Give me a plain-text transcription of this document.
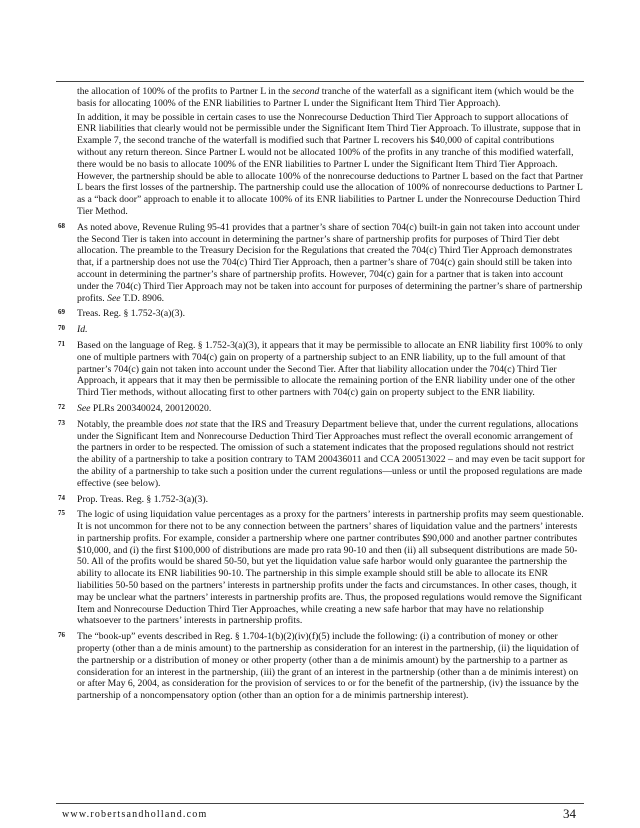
the allocation of 100% of the profits to Partner L in the second tranche of the waterfall as a significant item (which would be the basis for allocating 100% of the ENR liabilities to Partner L under the Significant Item Third Tier Approach).

In addition, it may be possible in certain cases to use the Nonrecourse Deduction Third Tier Approach to support allocations of ENR liabilities that clearly would not be permissible under the Significant Item Third Tier Approach. To illustrate, suppose that in Example 7, the second tranche of the waterfall is modified such that Partner L recovers his $40,000 of capital contributions without any return thereon. Since Partner L would not be allocated 100% of the profits in any tranche of this modified waterfall, there would be no basis to allocate 100% of the ENR liabilities to Partner L under the Significant Item Third Tier Approach. However, the partnership should be able to allocate 100% of the nonrecourse deductions to Partner L based on the fact that Partner L bears the first losses of the partnership. The partnership could use the allocation of 100% of nonrecourse deductions to Partner L as a “back door” approach to enable it to allocate 100% of its ENR liabilities to Partner L under the Nonrecourse Deduction Third Tier Method.

68 As noted above, Revenue Ruling 95-41 provides that a partner’s share of section 704(c) built-in gain not taken into account under the Second Tier is taken into account in determining the partner’s share of partnership profits for purposes of Third Tier debt allocation. The preamble to the Treasury Decision for the Regulations that created the 704(c) Third Tier Approach demonstrates that, if a partnership does not use the 704(c) Third Tier Approach, then a partner’s share of 704(c) gain should still be taken into account in determining the partner’s share of partnership profits. However, 704(c) gain for a partner that is taken into account under the 704(c) Third Tier Approach may not be taken into account for purposes of determining the partner’s share of partnership profits. See T.D. 8906.
69 Treas. Reg. § 1.752-3(a)(3).
70 Id.
71 Based on the language of Reg. § 1.752-3(a)(3), it appears that it may be permissible to allocate an ENR liability first 100% to only one of multiple partners with 704(c) gain on property of a partnership subject to an ENR liability, up to the full amount of that partner’s 704(c) gain not taken into account under the Second Tier. After that liability allocation under the 704(c) Third Tier Approach, it appears that it may then be permissible to allocate the remaining portion of the ENR liability under one of the other Third Tier methods, without allocating first to other partners with 704(c) gain on property subject to the ENR liability.
72 See PLRs 200340024, 200120020.
73 Notably, the preamble does not state that the IRS and Treasury Department believe that, under the current regulations, allocations under the Significant Item and Nonrecourse Deduction Third Tier Approaches must reflect the overall economic arrangement of the partners in order to be respected. The omission of such a statement indicates that the proposed regulations should not restrict the ability of a partnership to take a position contrary to TAM 200436011 and CCA 200513022 – and may even be tacit support for the ability of a partnership to take such a position under the current regulations—unless or until the proposed regulations are made effective (see below).
74 Prop. Treas. Reg. § 1.752-3(a)(3).
75 The logic of using liquidation value percentages as a proxy for the partners’ interests in partnership profits may seem questionable. It is not uncommon for there not to be any connection between the partners’ shares of liquidation value and the partners’ interests in partnership profits. For example, consider a partnership where one partner contributes $90,000 and another partner contributes $10,000, and (i) the first $100,000 of distributions are made pro rata 90-10 and then (ii) all subsequent distributions are made 50-50. All of the profits would be shared 50-50, but yet the liquidation value safe harbor would only guarantee the partnership the ability to allocate its ENR liabilities 90-10. The partnership in this simple example should still be able to allocate its ENR liabilities 50-50 based on the partners’ interests in partnership profits under the facts and circumstances. In other cases, though, it may be unclear what the partners’ interests in partnership profits are. Thus, the proposed regulations would remove the Significant Item and Nonrecourse Deduction Third Tier Approaches, while creating a new safe harbor that may have no relationship whatsoever to the partners’ interests in partnership profits.
76 The “book-up” events described in Reg. § 1.704-1(b)(2)(iv)(f)(5) include the following: (i) a contribution of money or other property (other than a de minis amount) to the partnership as consideration for an interest in the partnership, (ii) the liquidation of the partnership or a distribution of money or other property (other than a de minimis amount) by the partnership to a partner as consideration for an interest in the partnership, (iii) the grant of an interest in the partnership (other than a de minimis interest) on or after May 6, 2004, as consideration for the provision of services to or for the benefit of the partnership, (iv) the issuance by the partnership of a noncompensatory option (other than an option for a de minimis partnership interest).
www.robertsandholland.com	34
